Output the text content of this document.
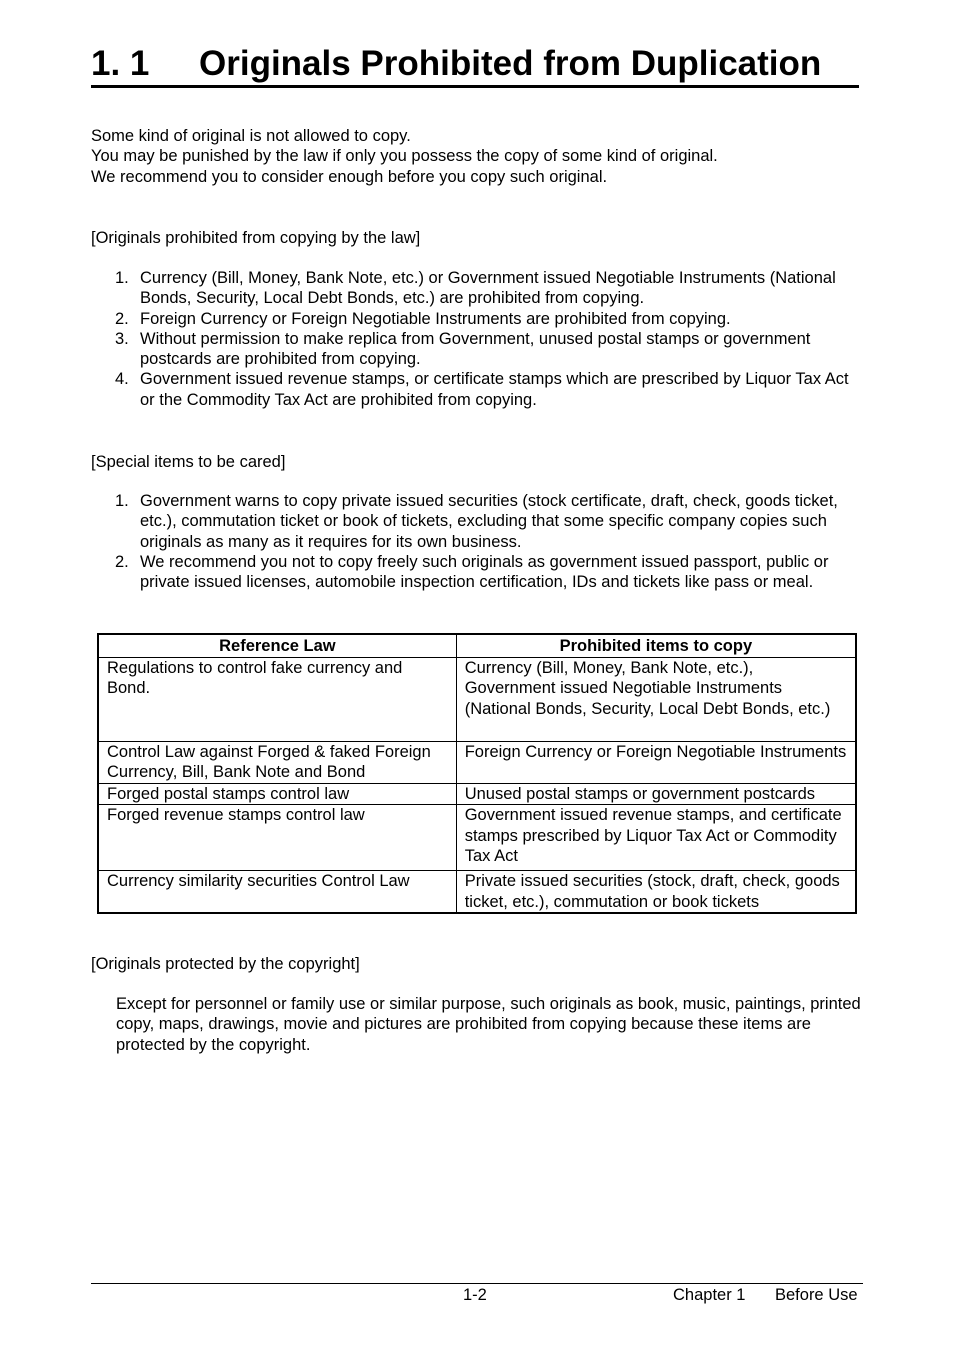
1. 1 Originals Prohibited from Duplication

Some kind of original is not allowed to copy.

You may be punished by the law if only you possess the copy of some kind of original.

We recommend you to consider enough before you copy such original.

[Originals prohibited from copying by the law]
1. Currency (Bill, Money, Bank Note, etc.) or Government issued Negotiable Instruments (National Bonds, Security, Local Debt Bonds, etc.) are prohibited from copying.
2. Foreign Currency or Foreign Negotiable Instruments are prohibited from copying.
3. Without permission to make replica from Government, unused postal stamps or government postcards are prohibited from copying.
4. Government issued revenue stamps, or certificate stamps which are prescribed by Liquor Tax Act or the Commodity Tax Act are prohibited from copying.
[Special items to be cared]
1. Government warns to copy private issued securities (stock certificate, draft, check, goods ticket, etc.), commutation ticket or book of tickets, excluding that some specific company copies such originals as many as it requires for its own business.
2. We recommend you not to copy freely such originals as government issued passport, public or private issued licenses, automobile inspection certification, IDs and tickets like pass or meal.
Reference Law	Prohibited items to copy
Regulations to control fake currency and Bond.	Currency (Bill, Money, Bank Note, etc.), Government issued Negotiable Instruments (National Bonds, Security, Local Debt Bonds, etc.)
Control Law against Forged & faked Foreign Currency, Bill, Bank Note and Bond	Foreign Currency or Foreign Negotiable Instruments
Forged postal stamps control law	Unused postal stamps or government postcards
Forged revenue stamps control law	Government issued revenue stamps, and certificate stamps prescribed by Liquor Tax Act or Commodity Tax Act
Currency similarity securities Control Law	Private issued securities (stock, draft, check, goods ticket, etc.), commutation or book tickets
[Originals protected by the copyright]
Except for personnel or family use or similar purpose, such originals as book, music, paintings, printed copy, maps, drawings, movie and pictures are prohibited from copying because these items are protected by the copyright.
1-2	Chapter 1 Before Use
